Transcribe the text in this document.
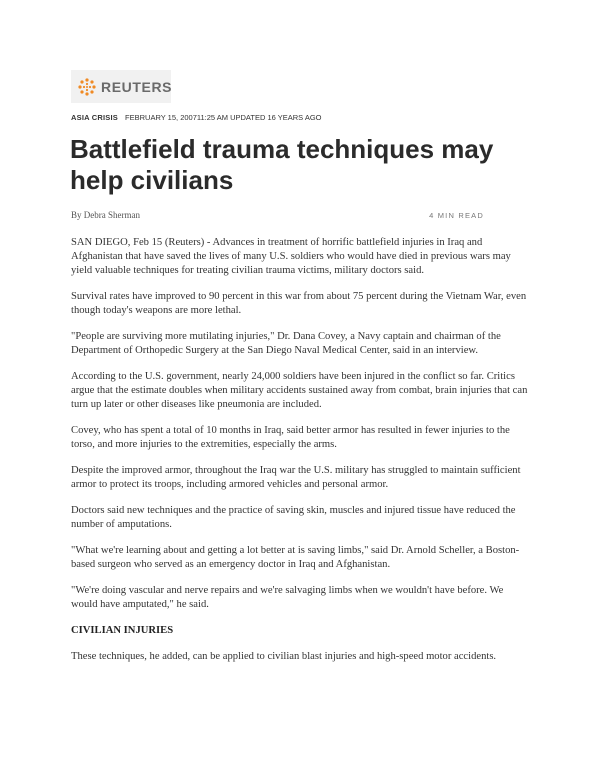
REUTERS
ASIA CRISIS FEBRUARY 15, 200711:25 AM UPDATED 16 YEARS AGO
Battlefield trauma techniques may help civilians
By Debra Sherman	4 MIN READ

SAN DIEGO, Feb 15 (Reuters) - Advances in treatment of horrific battlefield injuries in Iraq and Afghanistan that have saved the lives of many U.S. soldiers who would have died in previous wars may yield valuable techniques for treating civilian trauma victims, military doctors said.

Survival rates have improved to 90 percent in this war from about 75 percent during the Vietnam War, even though today's weapons are more lethal.

"People are surviving more mutilating injuries," Dr. Dana Covey, a Navy captain and chairman of the Department of Orthopedic Surgery at the San Diego Naval Medical Center, said in an interview.

According to the U.S. government, nearly 24,000 soldiers have been injured in the conflict so far. Critics argue that the estimate doubles when military accidents sustained away from combat, brain injuries that can turn up later or other diseases like pneumonia are included.

Covey, who has spent a total of 10 months in Iraq, said better armor has resulted in fewer injuries to the torso, and more injuries to the extremities, especially the arms.

Despite the improved armor, throughout the Iraq war the U.S. military has struggled to maintain sufficient armor to protect its troops, including armored vehicles and personal armor.

Doctors said new techniques and the practice of saving skin, muscles and injured tissue have reduced the number of amputations.

"What we're learning about and getting a lot better at is saving limbs," said Dr. Arnold Scheller, a Boston-based surgeon who served as an emergency doctor in Iraq and Afghanistan.

"We're doing vascular and nerve repairs and we're salvaging limbs when we wouldn't have before. We would have amputated," he said.

CIVILIAN INJURIES

These techniques, he added, can be applied to civilian blast injuries and high-speed motor accidents.
